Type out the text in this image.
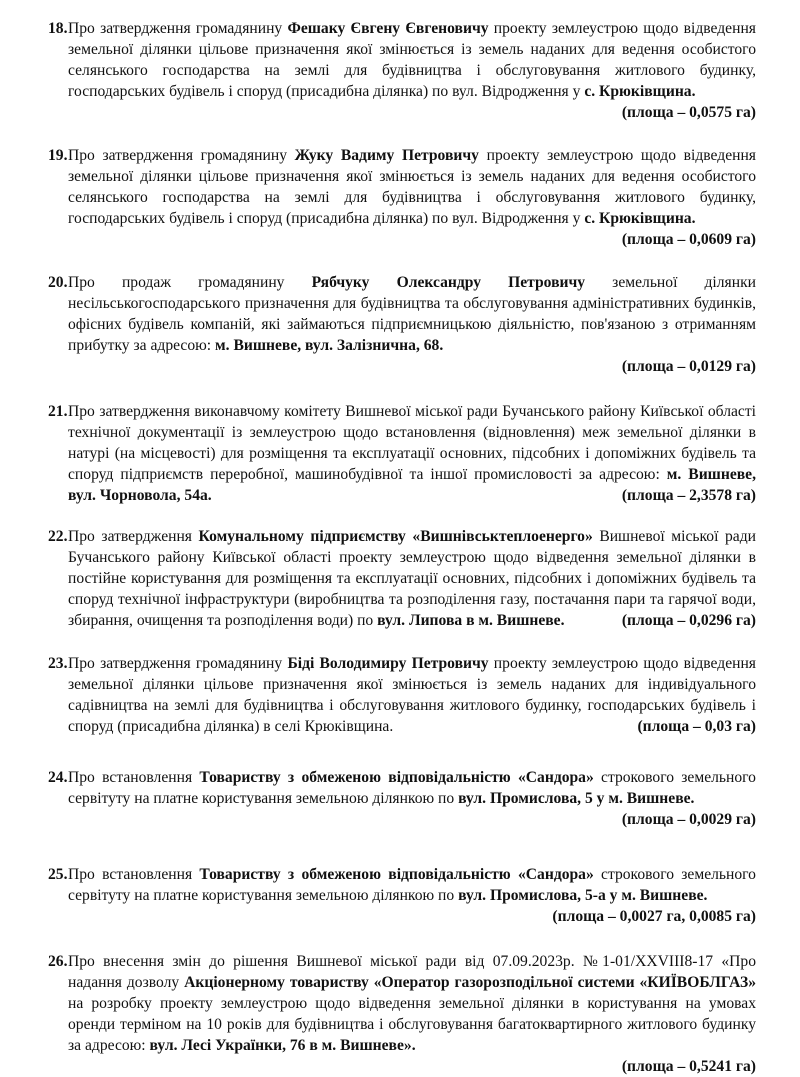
18 . Про затвердження громадянину Фешаку Євгену Євгеновичу проекту землеустрою щодо відведення земельної ділянки цільове призначення якої змінюється із земель наданих для ведення особистого селянського господарства на землі для будівництва і обслуговування житлового будинку, господарських будівель і споруд (присадибна ділянка) по вул. Відродження у с. Крюківщина.
(площа – 0,0575 га)
19 . Про затвердження громадянину Жуку Вадиму Петровичу проекту землеустрою щодо відведення земельної ділянки цільове призначення якої змінюється із земель наданих для ведення особистого селянського господарства на землі для будівництва і обслуговування житлового будинку, господарських будівель і споруд (присадибна ділянка) по вул. Відродження у с. Крюківщина.
(площа – 0,0609 га)
20 . Про продаж громадянину Рябчуку Олександру Петровичу земельної ділянки несільськогосподарського призначення для будівництва та обслуговування адміністративних будинків, офісних будівель компаній, які займаються підприємницькою діяльністю, пов'язаною з отриманням прибутку за адресою: м. Вишневе, вул. Залізнична, 68.
(площа – 0,0129 га)
21 . Про затвердження виконавчому комітету Вишневої міської ради Бучанського району Київської області технічної документації із землеустрою щодо встановлення (відновлення) меж земельної ділянки в натурі (на місцевості) для розміщення та експлуатації основних, підсобних і допоміжних будівель та споруд підприємств переробної, машинобудівної та іншої промисловості за адресою: м. Вишневе, вул. Чорновола, 54а.	(площа – 2,3578 га)
22 . Про затвердження Комунальному підприємству «Вишнівськтеплоенерго» Вишневої міської ради Бучанського району Київської області проекту землеустрою щодо відведення земельної ділянки в постійне користування для розміщення та експлуатації основних, підсобних і допоміжних будівель та споруд технічної інфраструктури (виробництва та розподілення газу, постачання пари та гарячої води, збирання, очищення та розподілення води) по вул. Липова в м. Вишневе.	(площа – 0,0296 га)
23 . Про затвердження громадянину Біді Володимиру Петровичу проекту землеустрою щодо відведення земельної ділянки цільове призначення якої змінюється із земель наданих для індивідуального садівництва на землі для будівництва і обслуговування житлового будинку, господарських будівель і споруд (присадибна ділянка) в селі Крюківщина.	(площа – 0,03 га)
24 . Про встановлення Товариству з обмеженою відповідальністю «Сандора» строкового земельного сервітуту на платне користування земельною ділянкою по вул. Промислова, 5 у м. Вишневе.
(площа – 0,0029 га)
25 . Про встановлення Товариству з обмеженою відповідальністю «Сандора» строкового земельного сервітуту на платне користування земельною ділянкою по вул. Промислова, 5-а у м. Вишневе.
(площа – 0,0027 га, 0,0085 га)
26 . Про внесення змін до рішення Вишневої міської ради від 07.09.2023р. №1-01/XXVIII8-17 «Про надання дозволу Акціонерному товариству «Оператор газорозподільної системи «КИЇВОБЛГАЗ» на розробку проекту землеустрою щодо відведення земельної ділянки в користування на умовах оренди терміном на 10 років для будівництва і обслуговування багатоквартирного житлового будинку за адресою: вул. Лесі Українки, 76 в м. Вишневе».
(площа – 0,5241 га)
